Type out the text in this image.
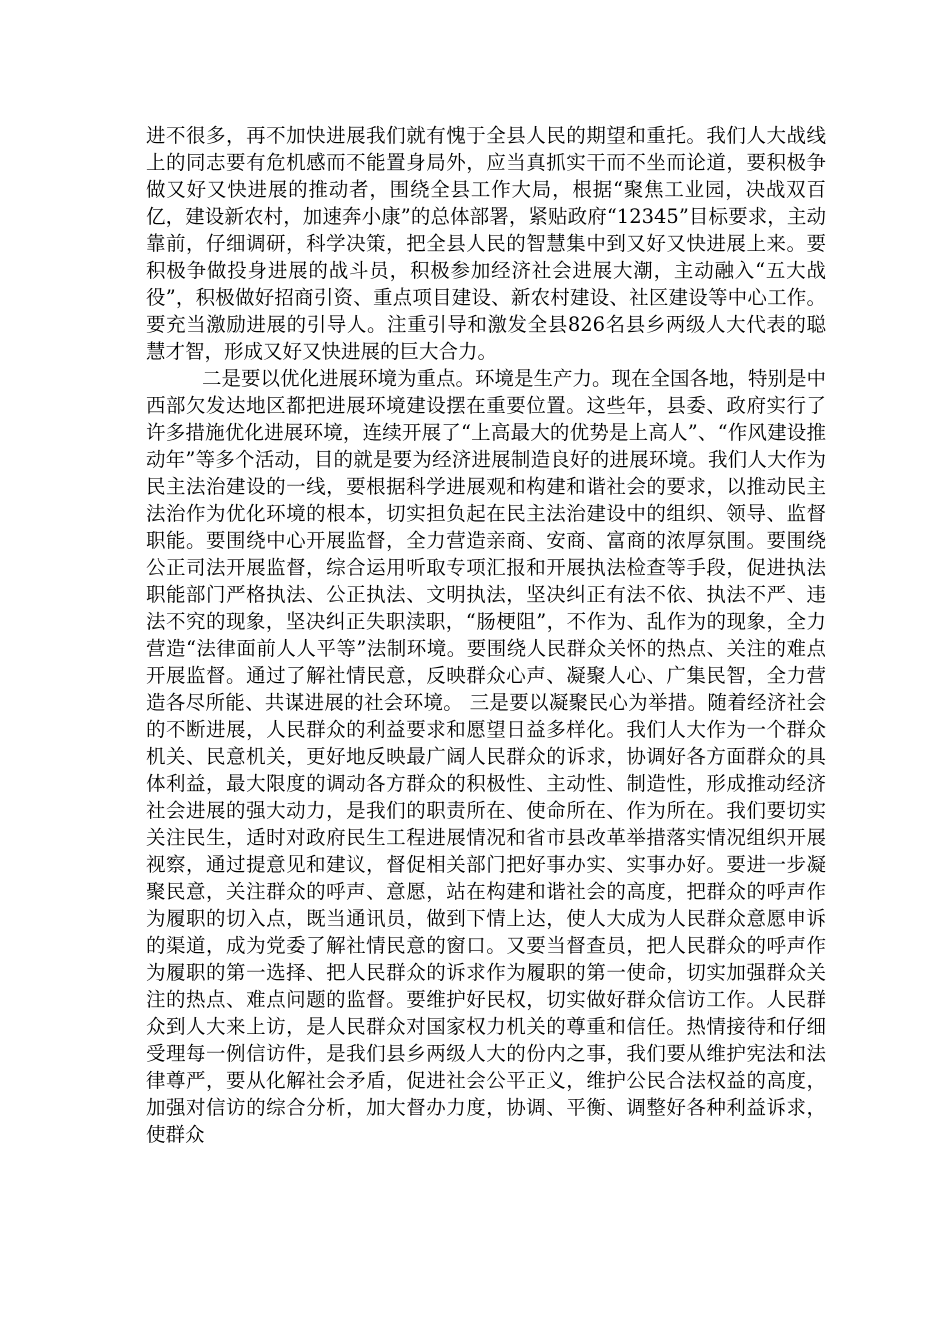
进不很多，再不加快进展我们就有愧于全县人民的期望和重托。我们人大战线上的同志要有危机感而不能置身局外，应当真抓实干而不坐而论道，要积极争做又好又快进展的推动者，围绕全县工作大局，根据“聚焦工业园，决战双百亿，建设新农村，加速奔小康”的总体部署，紧贴政府“12345”目标要求，主动靠前，仔细调研，科学决策，把全县人民的智慧集中到又好又快进展上来。要积极争做投身进展的战斗员，积极参加经济社会进展大潮，主动融入“五大战役”，积极做好招商引资、重点项目建设、新农村建设、社区建设等中心工作。要充当激励进展的引导人。注重引导和激发全县826名县乡两级人大代表的聪慧才智，形成又好又快进展的巨大合力。

二是要以优化进展环境为重点。环境是生产力。现在全国各地，特别是中西部欠发达地区都把进展环境建设摆在重要位置。这些年，县委、政府实行了许多措施优化进展环境，连续开展了“上高最大的优势是上高人”、“作风建设推动年”等多个活动，目的就是要为经济进展制造良好的进展环境。我们人大作为民主法治建设的一线，要根据科学进展观和构建和谐社会的要求，以推动民主法治作为优化环境的根本，切实担负起在民主法治建设中的组织、领导、监督职能。要围绕中心开展监督，全力营造亲商、安商、富商的浓厚氛围。要围绕公正司法开展监督，综合运用听取专项汇报和开展执法检查等手段，促进执法职能部门严格执法、公正执法、文明执法，坚决纠正有法不依、执法不严、违法不究的现象，坚决纠正失职渎职，“肠梗阻”，不作为、乱作为的现象，全力营造“法律面前人人平等”法制环境。要围绕人民群众关怀的热点、关注的难点开展监督。通过了解社情民意，反映群众心声、凝聚人心、广集民智，全力营造各尽所能、共谋进展的社会环境。 三是要以凝聚民心为举措。随着经济社会的不断进展，人民群众的利益要求和愿望日益多样化。我们人大作为一个群众机关、民意机关，更好地反映最广阔人民群众的诉求，协调好各方面群众的具体利益，最大限度的调动各方群众的积极性、主动性、制造性，形成推动经济社会进展的强大动力，是我们的职责所在、使命所在、作为所在。我们要切实关注民生，适时对政府民生工程进展情况和省市县改革举措落实情况组织开展视察，通过提意见和建议，督促相关部门把好事办实、实事办好。要进一步凝聚民意，关注群众的呼声、意愿，站在构建和谐社会的高度，把群众的呼声作为履职的切入点，既当通讯员，做到下情上达，使人大成为人民群众意愿申诉的渠道，成为党委了解社情民意的窗口。又要当督查员，把人民群众的呼声作为履职的第一选择、把人民群众的诉求作为履职的第一使命，切实加强群众关注的热点、难点问题的监督。要维护好民权，切实做好群众信访工作。人民群众到人大来上访，是人民群众对国家权力机关的尊重和信任。热情接待和仔细受理每一例信访件，是我们县乡两级人大的份内之事，我们要从维护宪法和法律尊严，要从化解社会矛盾，促进社会公平正义，维护公民合法权益的高度，加强对信访的综合分析，加大督办力度，协调、平衡、调整好各种利益诉求，使群众
